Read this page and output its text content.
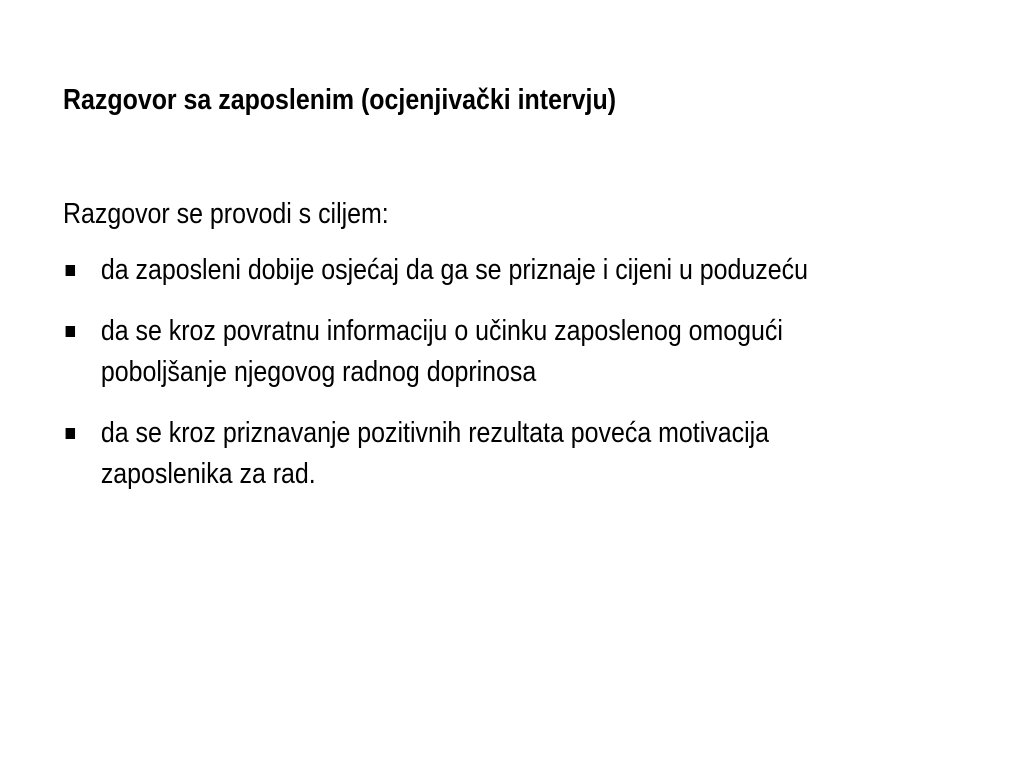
Razgovor sa zaposlenim (ocjenjivački intervju)

Razgovor se provodi s ciljem:

da zaposleni dobije osjećaj da ga se priznaje i cijeni u poduzeću
da se kroz povratnu informaciju o učinku zaposlenog omogući poboljšanje njegovog radnog doprinosa
da se kroz priznavanje pozitivnih rezultata poveća motivacija zaposlenika za rad.
